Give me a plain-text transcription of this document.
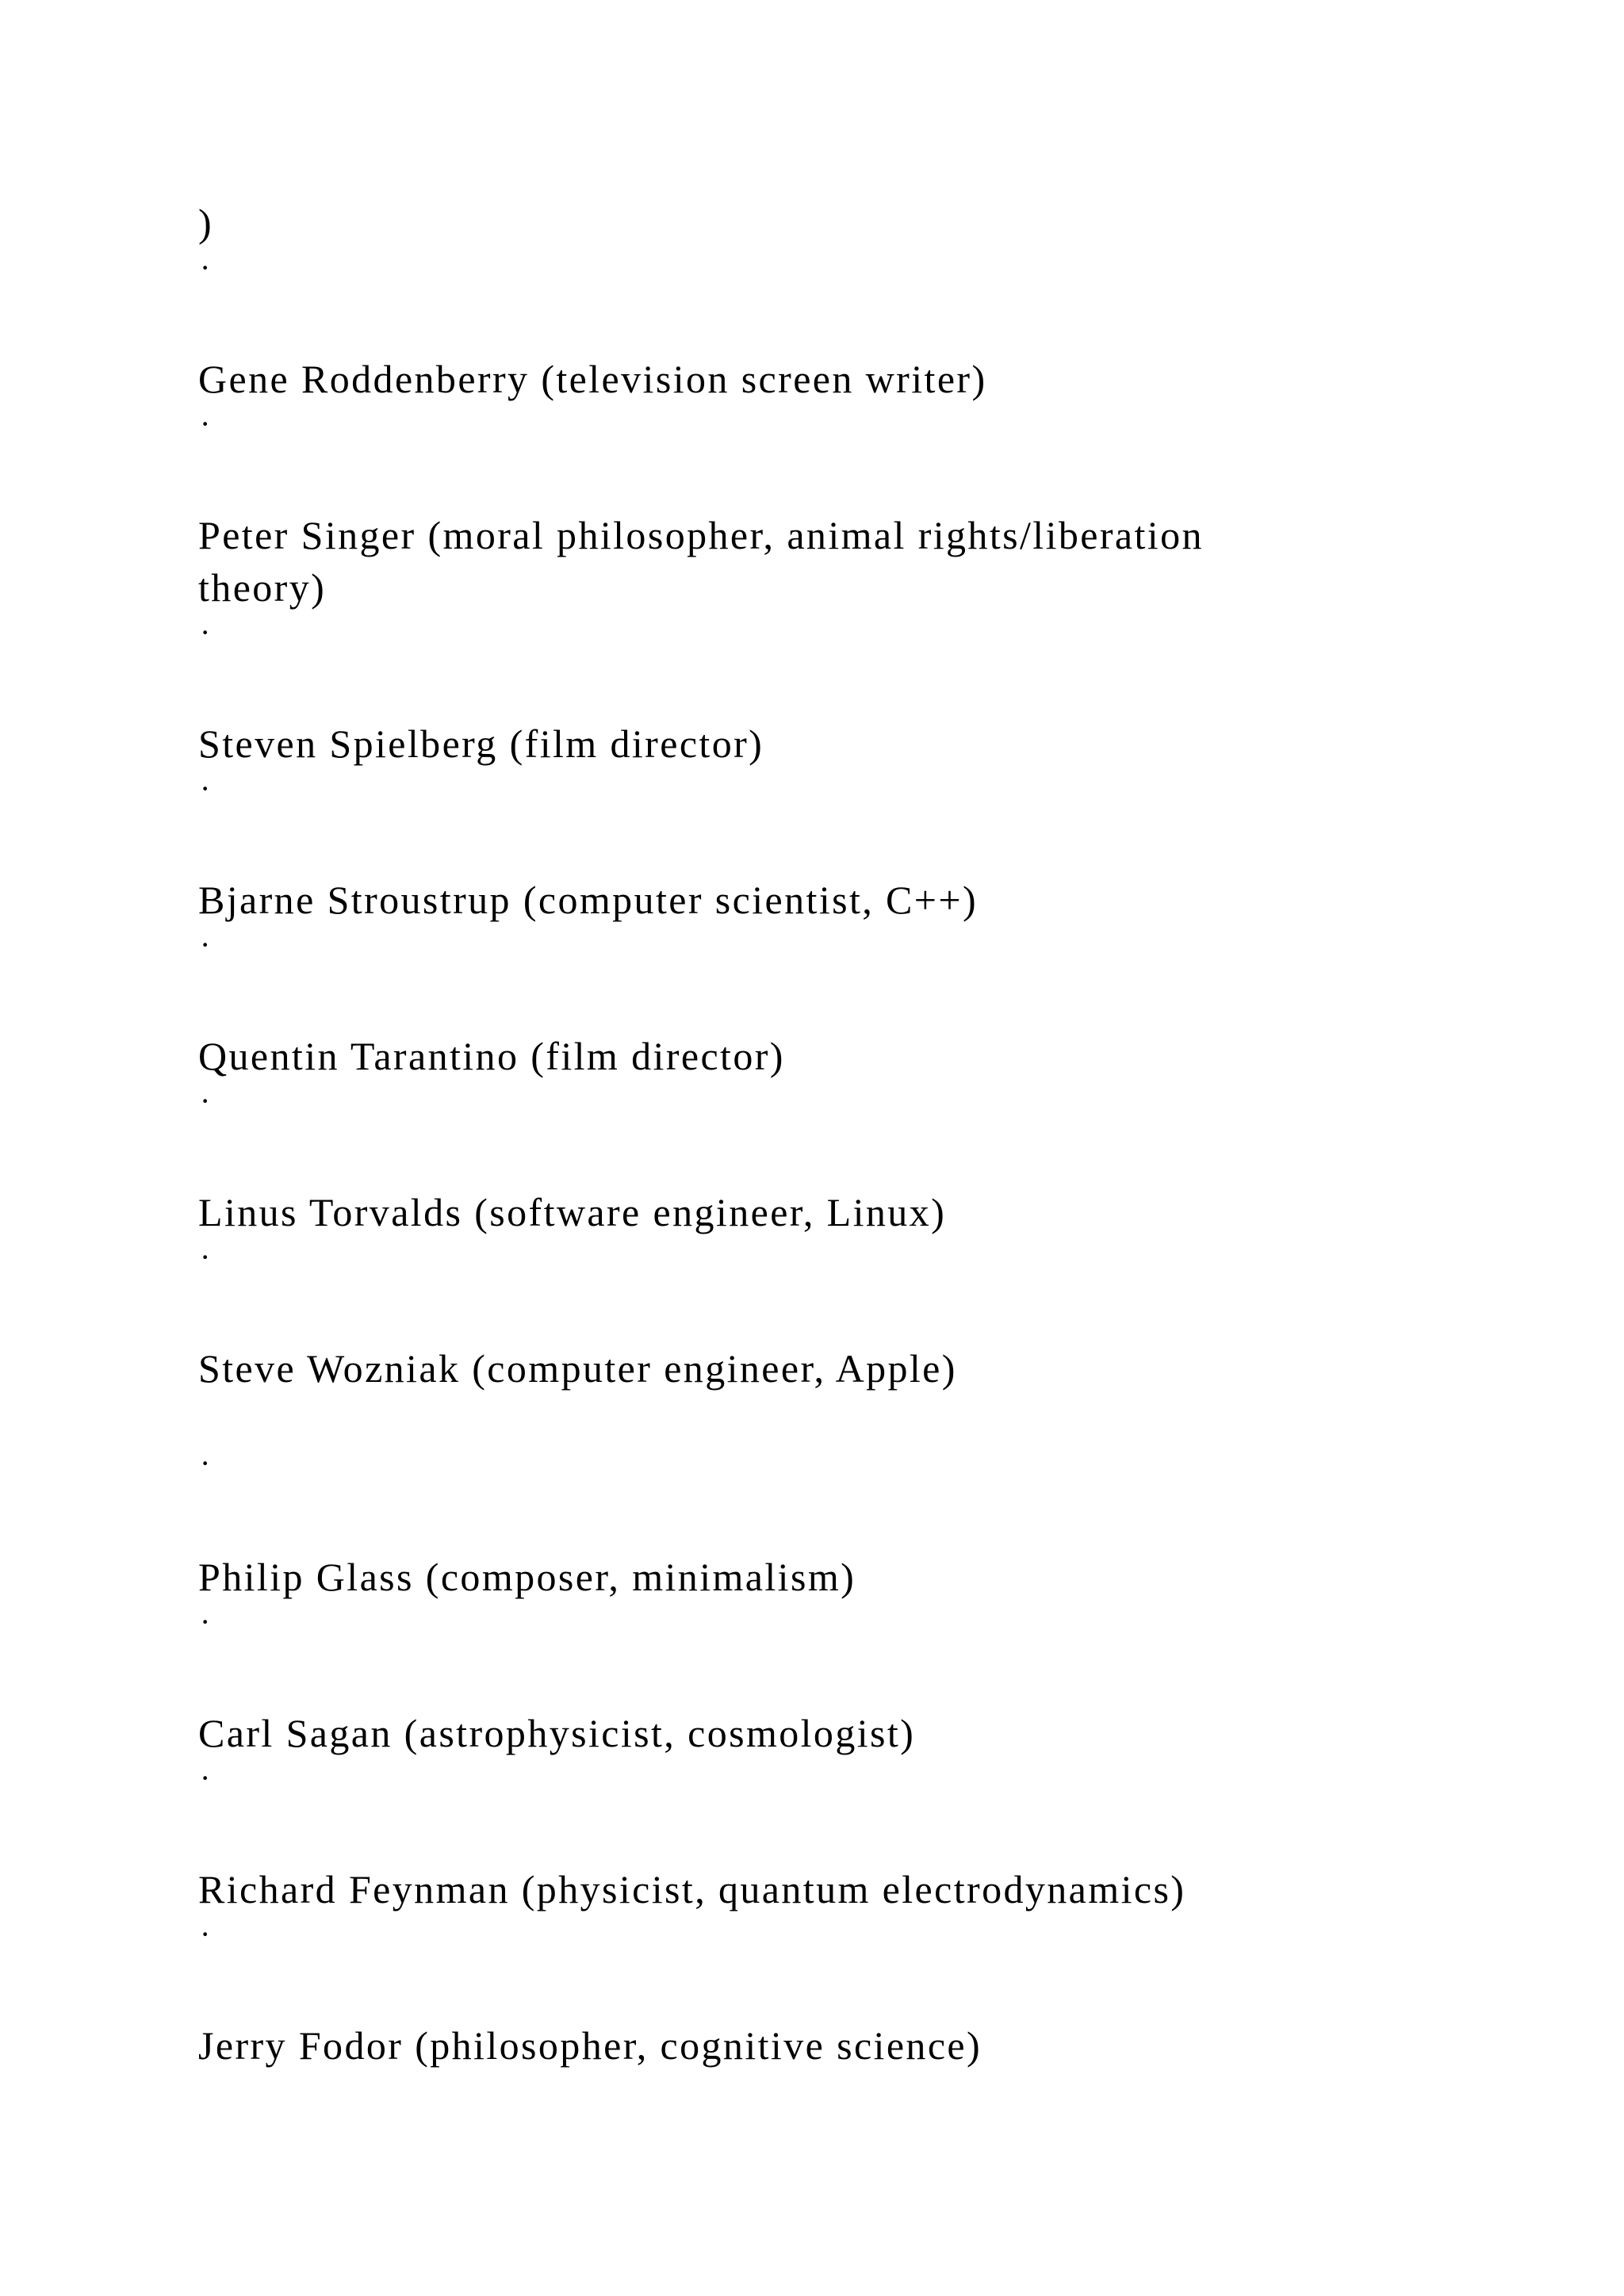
)

·

Gene Roddenberry (television screen writer)

·

Peter Singer (moral philosopher, animal rights/liberation

theory)

·

Steven Spielberg (film director)

·

Bjarne Stroustrup (computer scientist, C++)

·

Quentin Tarantino (film director)

·

Linus Torvalds (software engineer, Linux)

·

Steve Wozniak (computer engineer, Apple)

·

Philip Glass (composer, minimalism)

·

Carl Sagan (astrophysicist, cosmologist)

·

Richard Feynman (physicist, quantum electrodynamics)

·

Jerry Fodor (philosopher, cognitive science)
